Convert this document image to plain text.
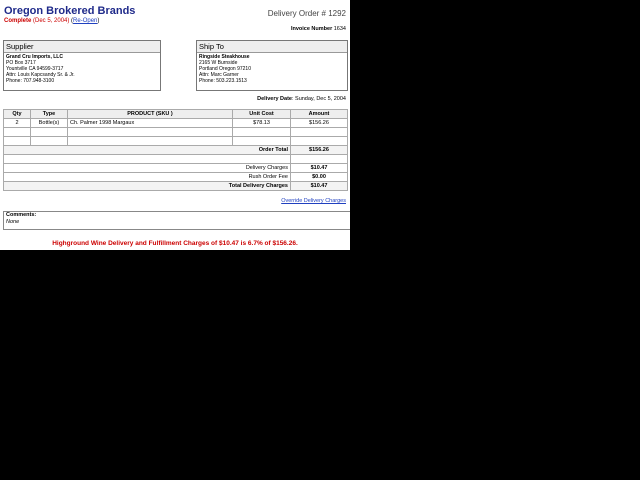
Oregon Brokered Brands
Complete (Dec 5, 2004) (Re-Open)
Delivery Order # 1292
Invoice Number 1634
Supplier
Grand Cru Imports, LLC
PO Box 3717
Yountville CA 94599-3717
Attn: Louis Kapcsandy Sr. & Jr.
Phone: 707.948-3100
Ship To
Ringside Steakhouse
2165 W Burnside
Portland Oregon 97210
Attn: Marc Garner
Phone: 503.223.1513
Delivery Date: Sunday, Dec 5, 2004
Qty	Type	PRODUCT (SKU )	Unit Cost	Amount
2	Bottle(s)	Ch. Palmer 1998 Margaux	$78.13	$156.26

Order Total				$156.26

Delivery Charges				$10.47
Rush Order Fee				$0.00
Total Delivery Charges				$10.47
Override Delivery Charges
Comments:
None
Highground Wine Delivery and Fulfillment Charges of $10.47 is 6.7% of $156.26.
